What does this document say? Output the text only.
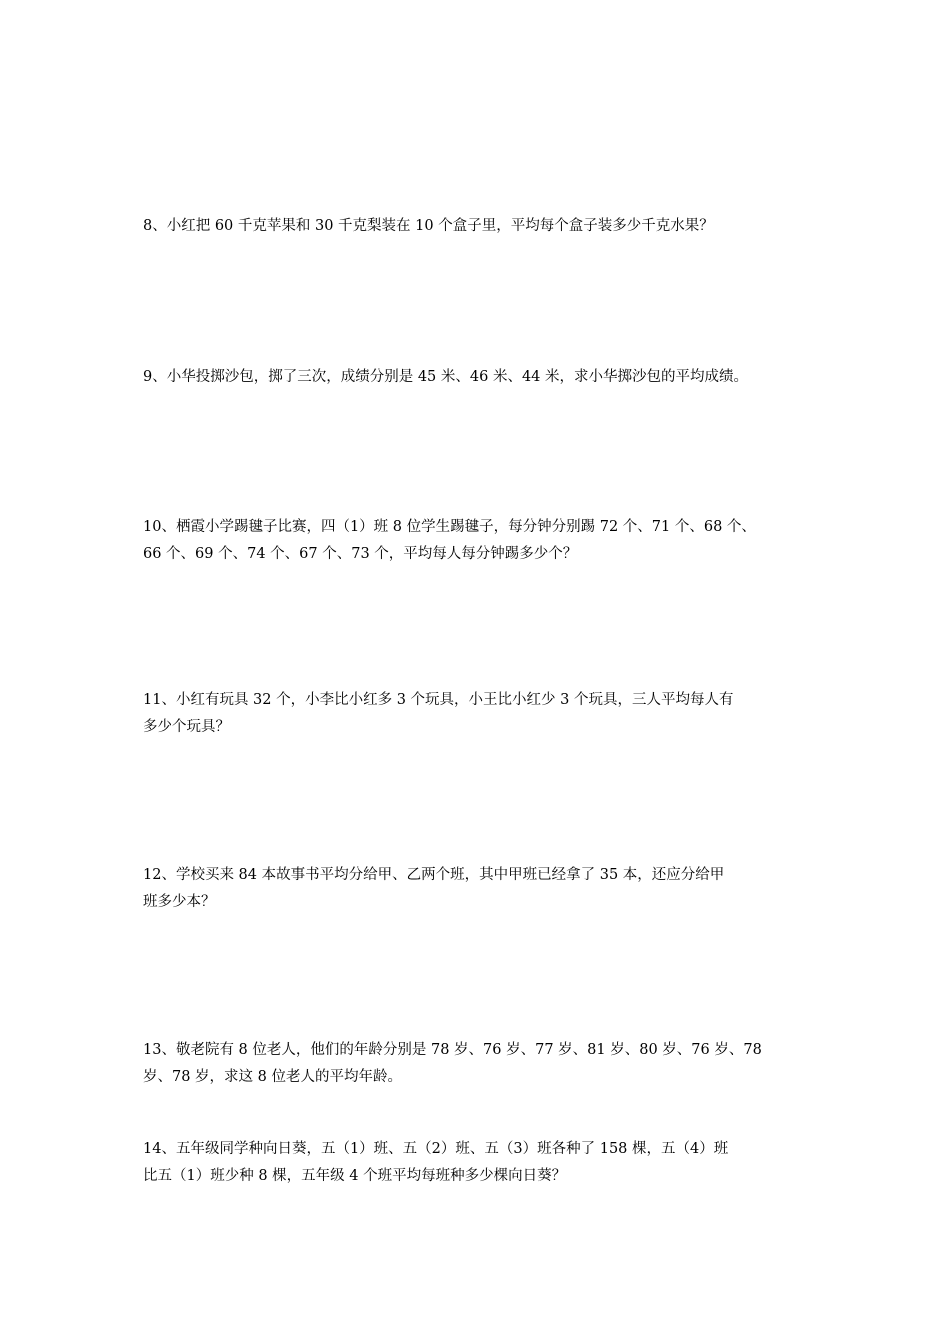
8、小红把 60 千克苹果和 30 千克梨装在 10 个盒子里，平均每个盒子装多少千克水果？
9、小华投掷沙包，掷了三次，成绩分别是 45 米、46 米、44 米，求小华掷沙包的平均成绩。
10、栖霞小学踢毽子比赛，四（1）班 8 位学生踢毽子，每分钟分别踢 72 个、71 个、68 个、
66 个、69 个、74 个、67 个、73 个，平均每人每分钟踢多少个？
11、小红有玩具 32 个，小李比小红多 3 个玩具，小王比小红少 3 个玩具，三人平均每人有
多少个玩具？
12、学校买来 84 本故事书平均分给甲、乙两个班，其中甲班已经拿了 35 本，还应分给甲
班多少本？
13、敬老院有 8 位老人，他们的年龄分别是 78 岁、76 岁、77 岁、81 岁、80 岁、76 岁、78
岁、78 岁，求这 8 位老人的平均年龄。
14、五年级同学种向日葵，五（1）班、五（2）班、五（3）班各种了 158 棵，五（4）班
比五（1）班少种 8 棵，五年级 4 个班平均每班种多少棵向日葵？
